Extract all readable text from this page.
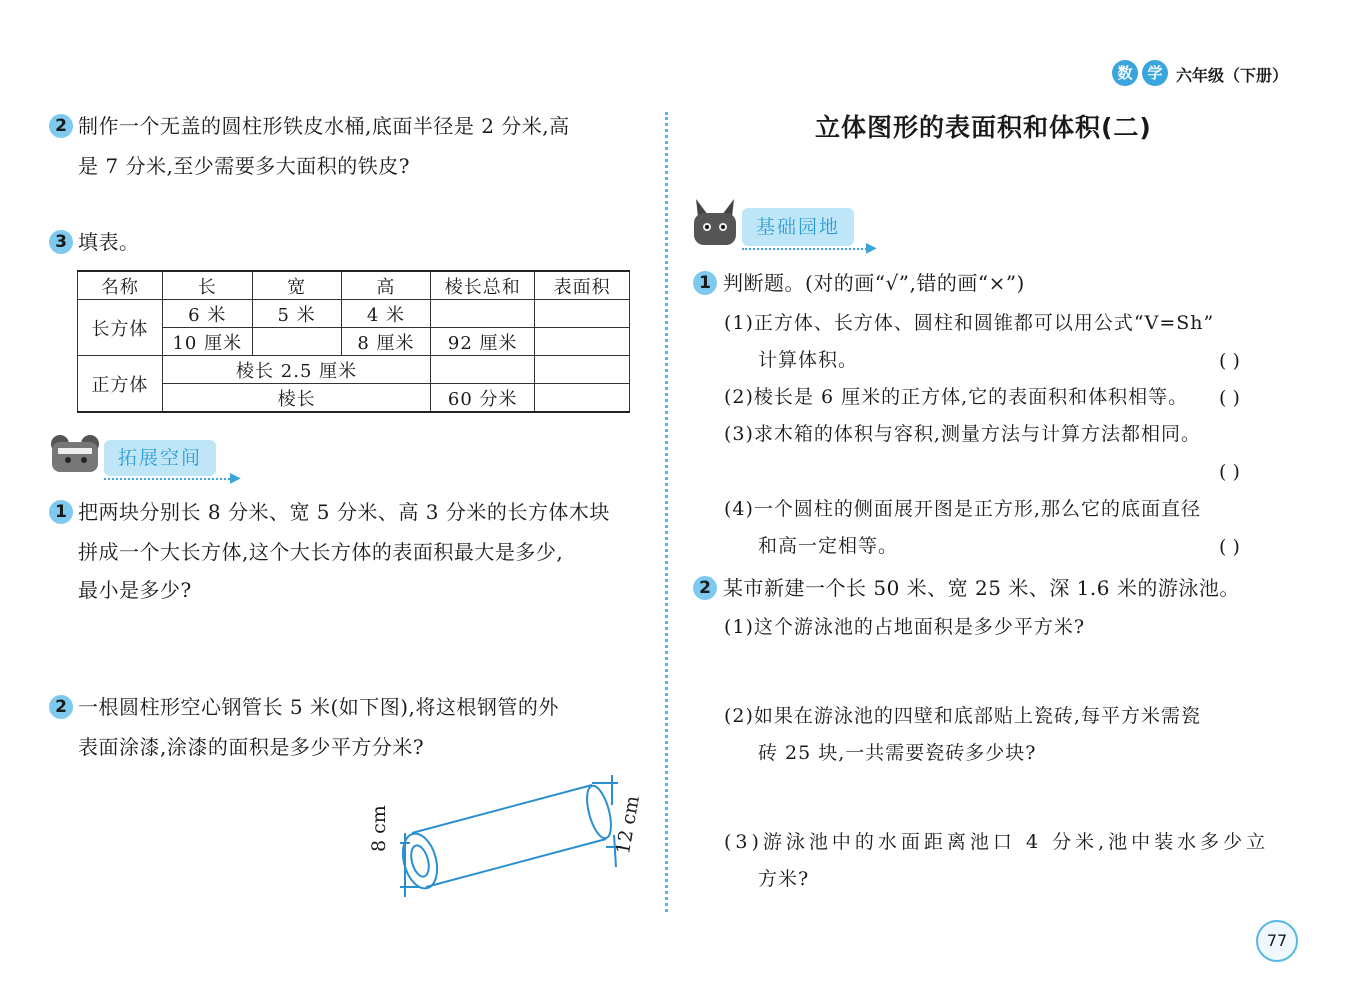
数 学 六年级（下册）
立体图形的表面积和体积(二)
2 制作一个无盖的圆柱形铁皮水桶,底面半径是 2 分米,高
是 7 分米,至少需要多大面积的铁皮?
3 填表。
名称	长	宽	高	棱长总和	表面积
长方体	6 米	5 米	4 米		
	10 厘米		8 厘米	92 厘米	
正方体	棱长 2.5 厘米				
	棱长			60 分米	
拓展空间
▶
1 把两块分别长 8 分米、宽 5 分米、高 3 分米的长方体木块
拼成一个大长方体,这个大长方体的表面积最大是多少,
最小是多少?
2 一根圆柱形空心钢管长 5 米(如下图),将这根钢管的外
表面涂漆,涂漆的面积是多少平方分米?
8 cm	12 cm
基础园地
▶
1 判断题。(对的画“√”,错的画“×”)
(1)正方体、长方体、圆柱和圆锥都可以用公式“V=Sh”
计算体积。	( )
(2)棱长是 6 厘米的正方体,它的表面积和体积相等。 ( )
(3)求木箱的体积与容积,测量方法与计算方法都相同。
( )
(4)一个圆柱的侧面展开图是正方形,那么它的底面直径
和高一定相等。	( )
2 某市新建一个长 50 米、宽 25 米、深 1.6 米的游泳池。
(1)这个游泳池的占地面积是多少平方米?
(2)如果在游泳池的四壁和底部贴上瓷砖,每平方米需瓷
砖 25 块,一共需要瓷砖多少块?
(3)游泳池中的水面距离池口 4 分米,池中装水多少立
方米?
77
